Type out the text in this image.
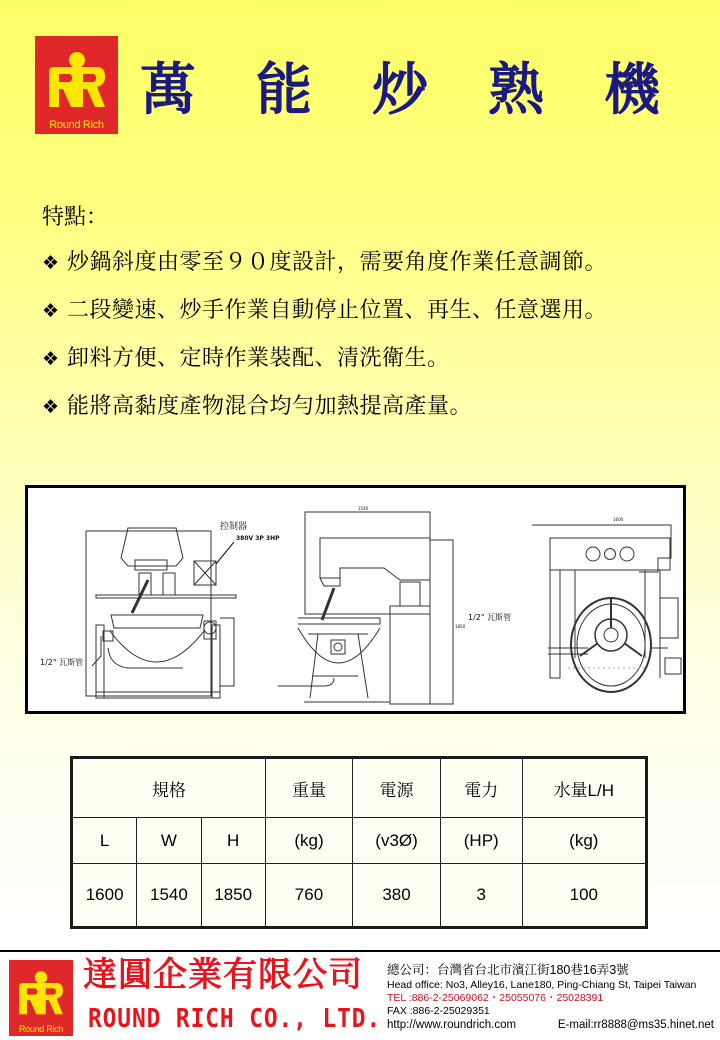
Round Rich
萬 能 炒 熟 機
特點：
❖ 炒鍋斜度由零至９０度設計，需要角度作業任意調節。
❖ 二段變速、炒手作業自動停止位置、再生、任意選用。
❖ 卸料方便、定時作業裝配、清洗衛生。
❖ 能將高黏度產物混合均勻加熱提高產量。
控制器
380V 3P 3HP
1/2" 瓦斯管
1540
1850
1600
1/2" 瓦斯管
規格			重量	電源	電力	水量L/H
L	W	H	(kg)	(v3Ø)	(HP)	(kg)
1600	1540	1850	760	380	3	100
Round Rich
達圓企業有限公司
ROUND RICH CO., LTD.
總公司：台灣省台北市濱江街180巷16弄3號
Head office: No3, Alley16, Lane180, Ping-Chiang St, Taipei Taiwan
TEL :886-2-25069062・25055076・25028391
FAX :886-2-25029351
http://www.roundrich.com	E-mail:rr8888@ms35.hinet.net
